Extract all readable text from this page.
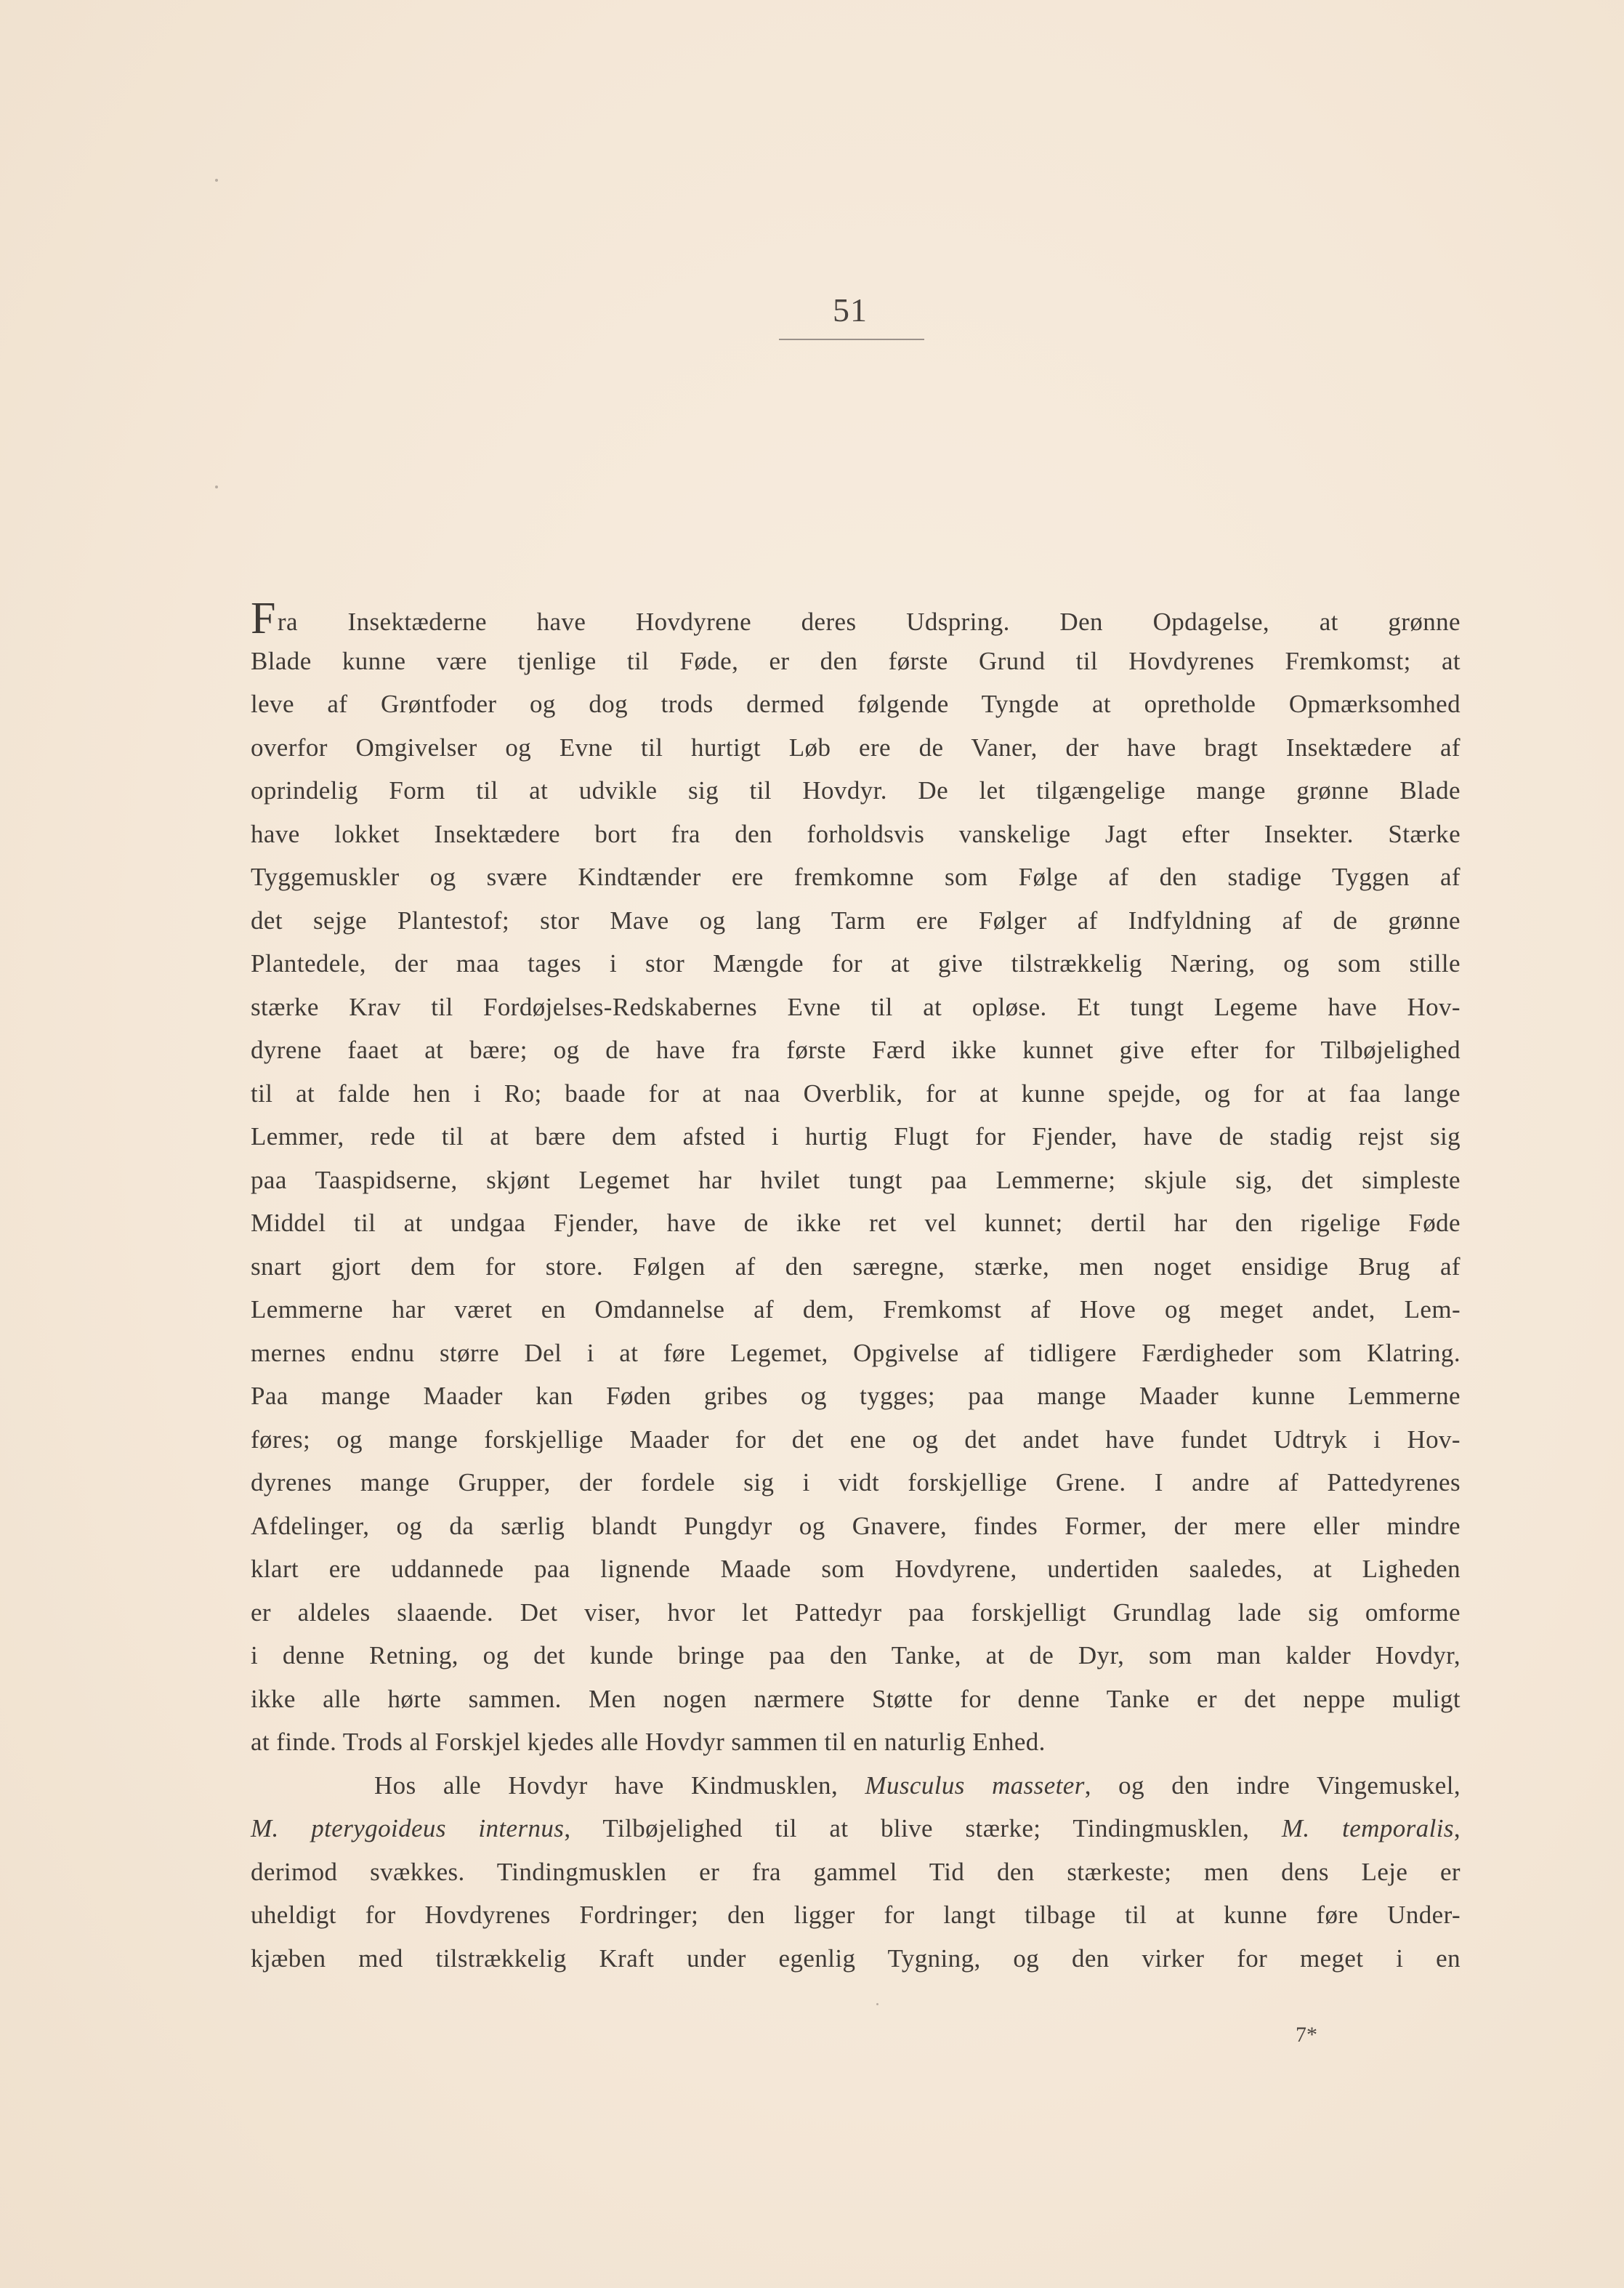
51
Fra Insektæderne have Hovdyrene deres Udspring. Den Opdagelse, at grønne
Blade kunne være tjenlige til Føde, er den første Grund til Hovdyrenes Fremkomst; at
leve af Grøntfoder og dog trods dermed følgende Tyngde at opretholde Opmærksomhed
overfor Omgivelser og Evne til hurtigt Løb ere de Vaner, der have bragt Insektædere af
oprindelig Form til at udvikle sig til Hovdyr. De let tilgængelige mange grønne Blade
have lokket Insektædere bort fra den forholdsvis vanskelige Jagt efter Insekter. Stærke
Tyggemuskler og svære Kindtænder ere fremkomne som Følge af den stadige Tyggen af
det sejge Plantestof; stor Mave og lang Tarm ere Følger af Indfyldning af de grønne
Plantedele, der maa tages i stor Mængde for at give tilstrækkelig Næring, og som stille
stærke Krav til Fordøjelses-Redskabernes Evne til at opløse. Et tungt Legeme have Hov-
dyrene faaet at bære; og de have fra første Færd ikke kunnet give efter for Tilbøjelighed
til at falde hen i Ro; baade for at naa Overblik, for at kunne spejde, og for at faa lange
Lemmer, rede til at bære dem afsted i hurtig Flugt for Fjender, have de stadig rejst sig
paa Taaspidserne, skjønt Legemet har hvilet tungt paa Lemmerne; skjule sig, det simpleste
Middel til at undgaa Fjender, have de ikke ret vel kunnet; dertil har den rigelige Føde
snart gjort dem for store. Følgen af den særegne, stærke, men noget ensidige Brug af
Lemmerne har været en Omdannelse af dem, Fremkomst af Hove og meget andet, Lem-
mernes endnu større Del i at føre Legemet, Opgivelse af tidligere Færdigheder som Klatring.
Paa mange Maader kan Føden gribes og tygges; paa mange Maader kunne Lemmerne
føres; og mange forskjellige Maader for det ene og det andet have fundet Udtryk i Hov-
dyrenes mange Grupper, der fordele sig i vidt forskjellige Grene. I andre af Pattedyrenes
Afdelinger, og da særlig blandt Pungdyr og Gnavere, findes Former, der mere eller mindre
klart ere uddannede paa lignende Maade som Hovdyrene, undertiden saaledes, at Ligheden
er aldeles slaaende. Det viser, hvor let Pattedyr paa forskjelligt Grundlag lade sig omforme
i denne Retning, og det kunde bringe paa den Tanke, at de Dyr, som man kalder Hovdyr,
ikke alle hørte sammen. Men nogen nærmere Støtte for denne Tanke er det neppe muligt
at finde. Trods al Forskjel kjedes alle Hovdyr sammen til en naturlig Enhed.
Hos alle Hovdyr have Kindmusklen, Musculus masseter, og den indre Vingemuskel,
M. pterygoideus internus, Tilbøjelighed til at blive stærke; Tindingmusklen, M. temporalis,
derimod svækkes. Tindingmusklen er fra gammel Tid den stærkeste; men dens Leje er
uheldigt for Hovdyrenes Fordringer; den ligger for langt tilbage til at kunne føre Under-
kjæben med tilstrækkelig Kraft under egenlig Tygning, og den virker for meget i en
7*
